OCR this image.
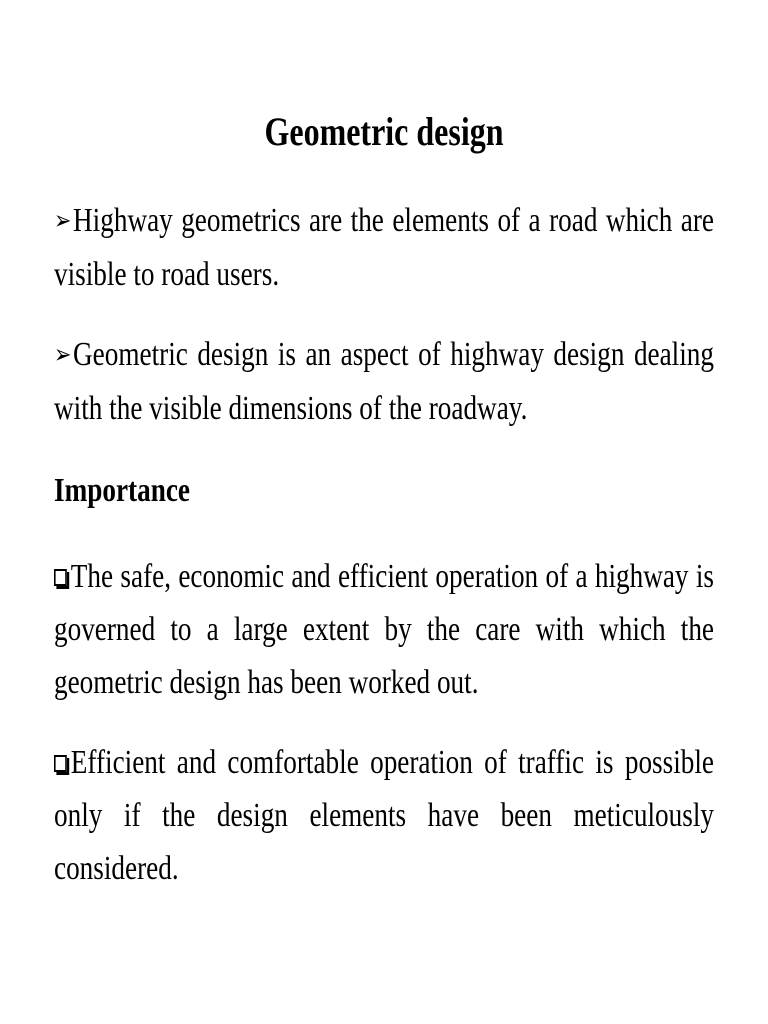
Geometric design
➢Highway geometrics are the elements of a road which are visible to road users.
➢Geometric design is an aspect of highway design dealing with the visible dimensions of the roadway.
Importance
The safe, economic and efficient operation of a highway is governed to a large extent by the care with which the geometric design has been worked out.
Efficient and comfortable operation of traffic is possible only if the design elements have been meticulously considered.
